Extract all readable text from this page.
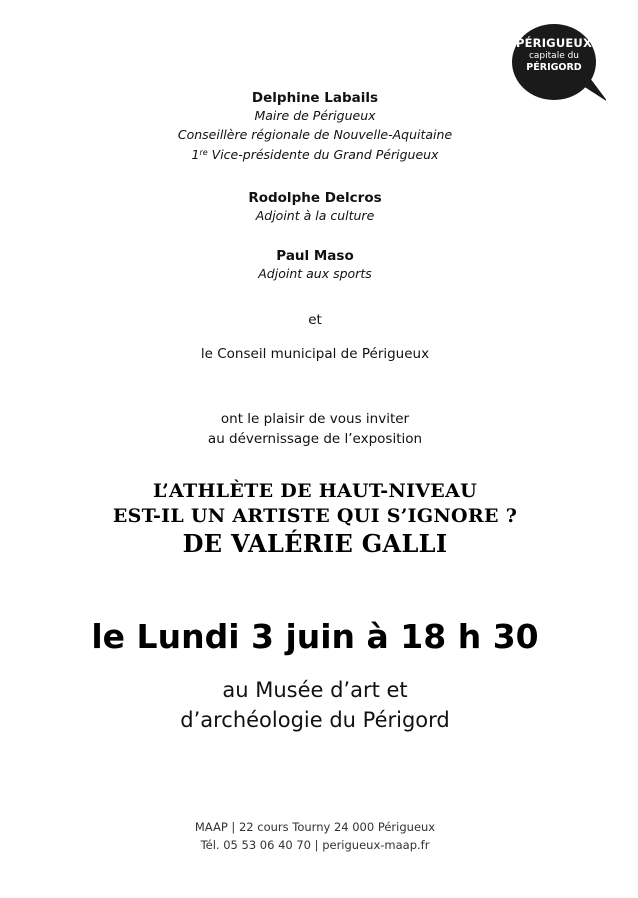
PÉRIGUEUX
capitale du
PÉRIGORD
Delphine Labails
Maire de Périgueux
Conseillère régionale de Nouvelle-Aquitaine
1re Vice-présidente du Grand Périgueux
Rodolphe Delcros
Adjoint à la culture
Paul Maso
Adjoint aux sports
et
le Conseil municipal de Périgueux
ont le plaisir de vous inviter
au dévernissage de l’exposition
L’ATHLÈTE DE HAUT-NIVEAU
EST-IL UN ARTISTE QUI S’IGNORE ?
DE VALÉRIE GALLI
le Lundi 3 juin à 18 h 30
au Musée d’art et
d’archéologie du Périgord
MAAP | 22 cours Tourny 24 000 Périgueux
Tél. 05 53 06 40 70 | perigueux-maap.fr
